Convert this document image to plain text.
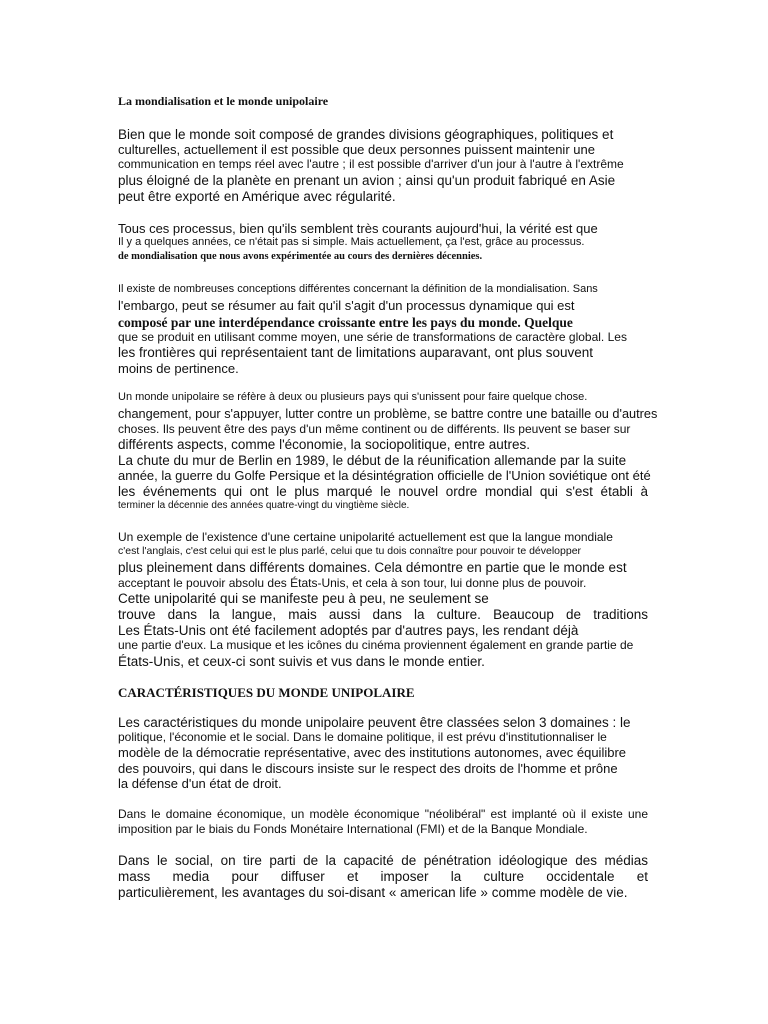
La mondialisation et le monde unipolaire
Bien que le monde soit composé de grandes divisions géographiques, politiques et
culturelles, actuellement il est possible que deux personnes puissent maintenir une
communication en temps réel avec l'autre ; il est possible d'arriver d'un jour à l'autre à l'extrême
plus éloigné de la planète en prenant un avion ; ainsi qu'un produit fabriqué en Asie
peut être exporté en Amérique avec régularité.
Tous ces processus, bien qu'ils semblent très courants aujourd'hui, la vérité est que
Il y a quelques années, ce n'était pas si simple. Mais actuellement, ça l'est, grâce au processus.
de mondialisation que nous avons expérimentée au cours des dernières décennies.
Il existe de nombreuses conceptions différentes concernant la définition de la mondialisation. Sans
l'embargo, peut se résumer au fait qu'il s'agit d'un processus dynamique qui est
composé par une interdépendance croissante entre les pays du monde. Quelque
que se produit en utilisant comme moyen, une série de transformations de caractère global. Les
les frontières qui représentaient tant de limitations auparavant, ont plus souvent
moins de pertinence.
Un monde unipolaire se réfère à deux ou plusieurs pays qui s'unissent pour faire quelque chose.
changement, pour s'appuyer, lutter contre un problème, se battre contre une bataille ou d'autres
choses. Ils peuvent être des pays d'un même continent ou de différents. Ils peuvent se baser sur
différents aspects, comme l'économie, la sociopolitique, entre autres.
La chute du mur de Berlin en 1989, le début de la réunification allemande par la suite
année, la guerre du Golfe Persique et la désintégration officielle de l'Union soviétique ont été
les événements qui ont le plus marqué le nouvel ordre mondial qui s'est établi à
terminer la décennie des années quatre-vingt du vingtième siècle.
Un exemple de l'existence d'une certaine unipolarité actuellement est que la langue mondiale
c'est l'anglais, c'est celui qui est le plus parlé, celui que tu dois connaître pour pouvoir te développer
plus pleinement dans différents domaines. Cela démontre en partie que le monde est
acceptant le pouvoir absolu des États-Unis, et cela à son tour, lui donne plus de pouvoir.
Cette unipolarité qui se manifeste peu à peu, ne seulement se
trouve dans la langue, mais aussi dans la culture. Beaucoup de traditions
Les États-Unis ont été facilement adoptés par d'autres pays, les rendant déjà
une partie d'eux. La musique et les icônes du cinéma proviennent également en grande partie de
États-Unis, et ceux-ci sont suivis et vus dans le monde entier.
CARACTÉRISTIQUES DU MONDE UNIPOLAIRE
Les caractéristiques du monde unipolaire peuvent être classées selon 3 domaines : le
politique, l'économie et le social. Dans le domaine politique, il est prévu d'institutionnaliser le
modèle de la démocratie représentative, avec des institutions autonomes, avec équilibre
des pouvoirs, qui dans le discours insiste sur le respect des droits de l'homme et prône
la défense d'un état de droit.
Dans le domaine économique, un modèle économique "néolibéral" est implanté où il existe une
imposition par le biais du Fonds Monétaire International (FMI) et de la Banque Mondiale.
Dans le social, on tire parti de la capacité de pénétration idéologique des médias
mass media pour diffuser et imposer la culture occidentale et
particulièrement, les avantages du soi-disant « american life » comme modèle de vie.
